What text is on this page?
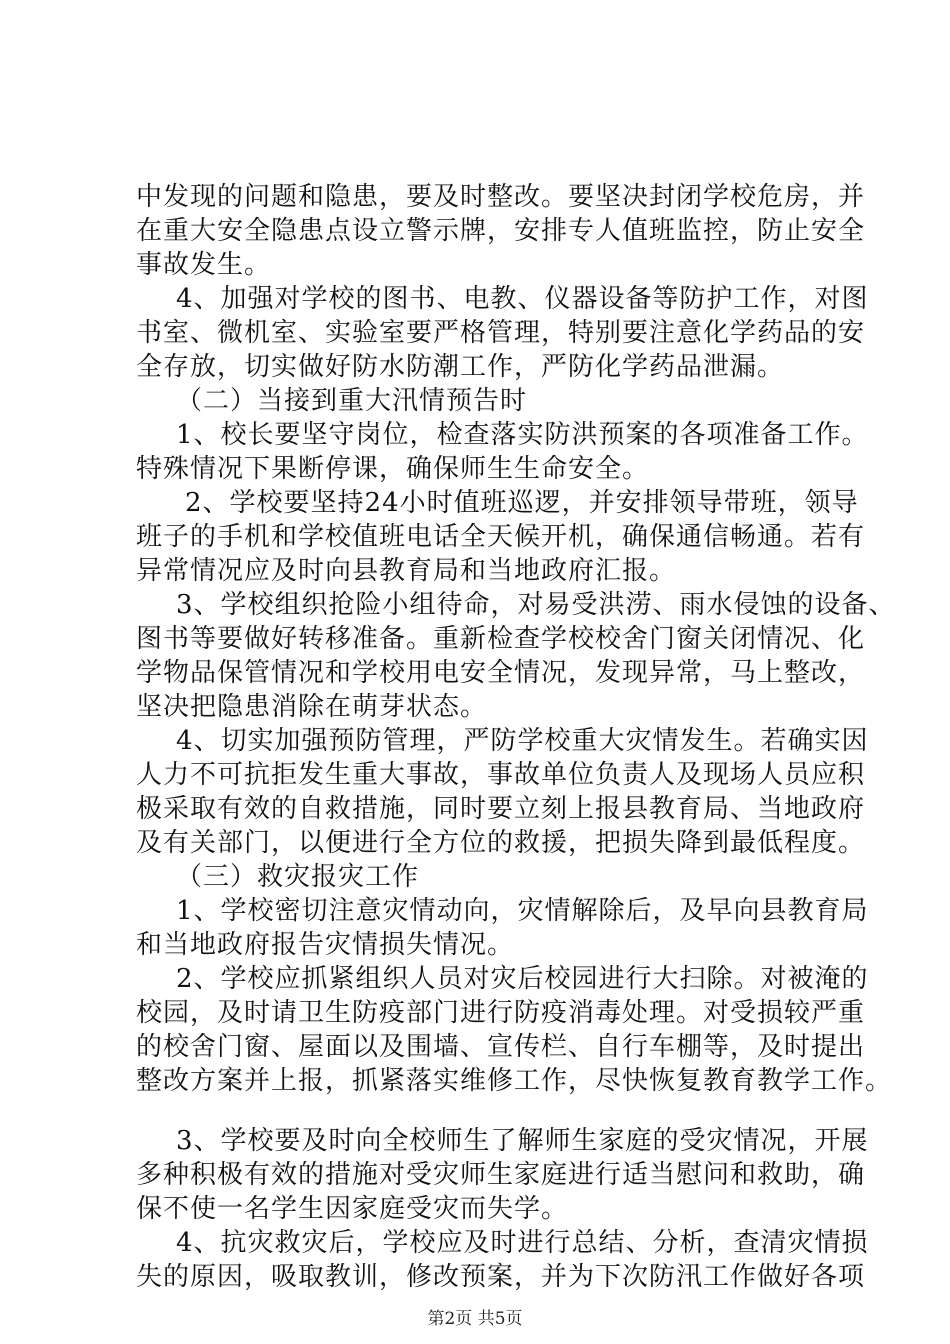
中发现的问题和隐患，要及时整改。要坚决封闭学校危房，并
在重大安全隐患点设立警示牌，安排专人值班监控，防止安全
事故发生。
4、加强对学校的图书、电教、仪器设备等防护工作，对图
书室、微机室、实验室要严格管理，特别要注意化学药品的安
全存放，切实做好防水防潮工作，严防化学药品泄漏。
（二）当接到重大汛情预告时
1、校长要坚守岗位，检查落实防洪预案的各项准备工作。
特殊情况下果断停课，确保师生生命安全。
2、学校要坚持24小时值班巡逻，并安排领导带班，领导
班子的手机和学校值班电话全天候开机，确保通信畅通。若有
异常情况应及时向县教育局和当地政府汇报。
3、学校组织抢险小组待命，对易受洪涝、雨水侵蚀的设备、
图书等要做好转移准备。重新检查学校校舍门窗关闭情况、化
学物品保管情况和学校用电安全情况，发现异常，马上整改，
坚决把隐患消除在萌芽状态。
4、切实加强预防管理，严防学校重大灾情发生。若确实因
人力不可抗拒发生重大事故，事故单位负责人及现场人员应积
极采取有效的自救措施，同时要立刻上报县教育局、当地政府
及有关部门，以便进行全方位的救援，把损失降到最低程度。
（三）救灾报灾工作
1、学校密切注意灾情动向，灾情解除后，及早向县教育局
和当地政府报告灾情损失情况。
2、学校应抓紧组织人员对灾后校园进行大扫除。对被淹的
校园，及时请卫生防疫部门进行防疫消毒处理。对受损较严重
的校舍门窗、屋面以及围墙、宣传栏、自行车棚等，及时提出
整改方案并上报，抓紧落实维修工作，尽快恢复教育教学工作。
3、学校要及时向全校师生了解师生家庭的受灾情况，开展
多种积极有效的措施对受灾师生家庭进行适当慰问和救助，确
保不使一名学生因家庭受灾而失学。
4、抗灾救灾后，学校应及时进行总结、分析，查清灾情损
失的原因，吸取教训，修改预案，并为下次防汛工作做好各项
第2页 共5页
